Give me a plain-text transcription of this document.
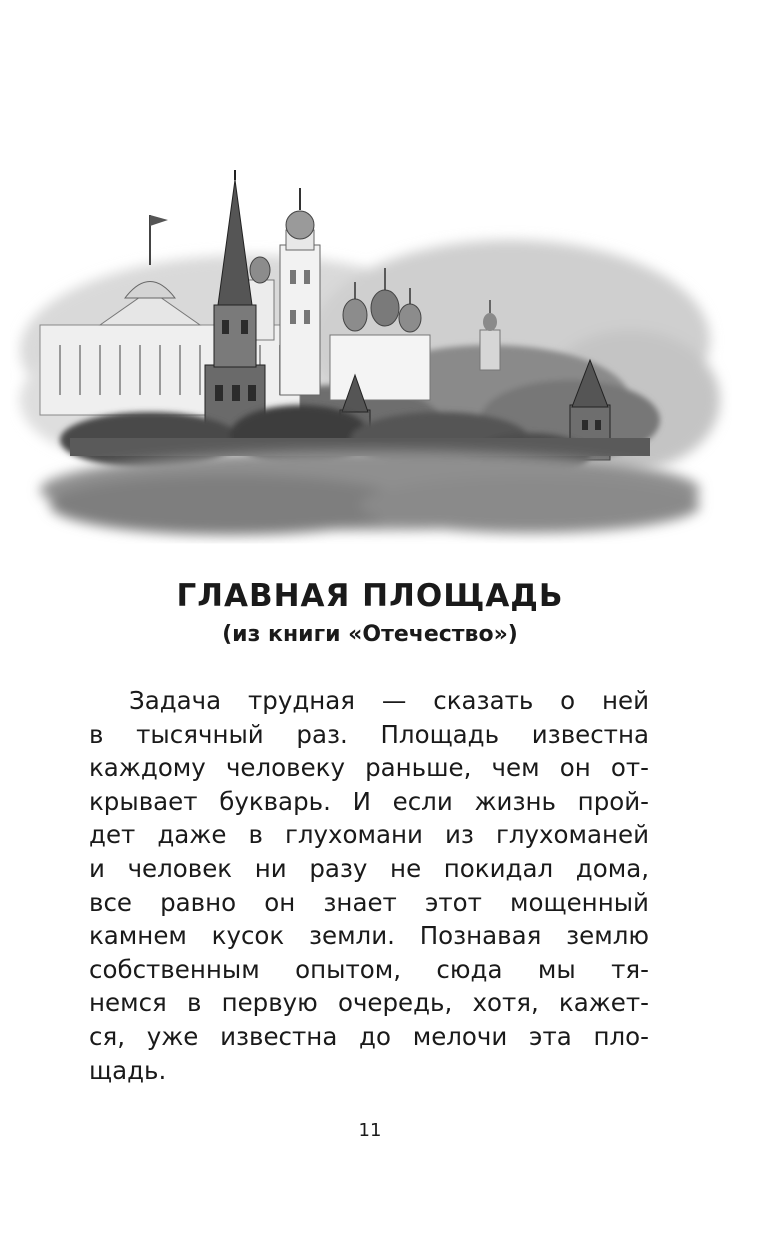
ГЛАВНАЯ ПЛОЩАДЬ
(из книги «Отечество»)
Задача трудная — сказать о ней
в тысячный раз. Площадь известна
каждому человеку раньше, чем он от-
крывает букварь. И если жизнь прой-
дет даже в глухомани из глухоманей
и человек ни разу не покидал дома,
все равно он знает этот мощенный
камнем кусок земли. Познавая землю
собственным опытом, сюда мы тя-
немся в первую очередь, хотя, кажет-
ся, уже известна до мелочи эта пло-
щадь.
11
